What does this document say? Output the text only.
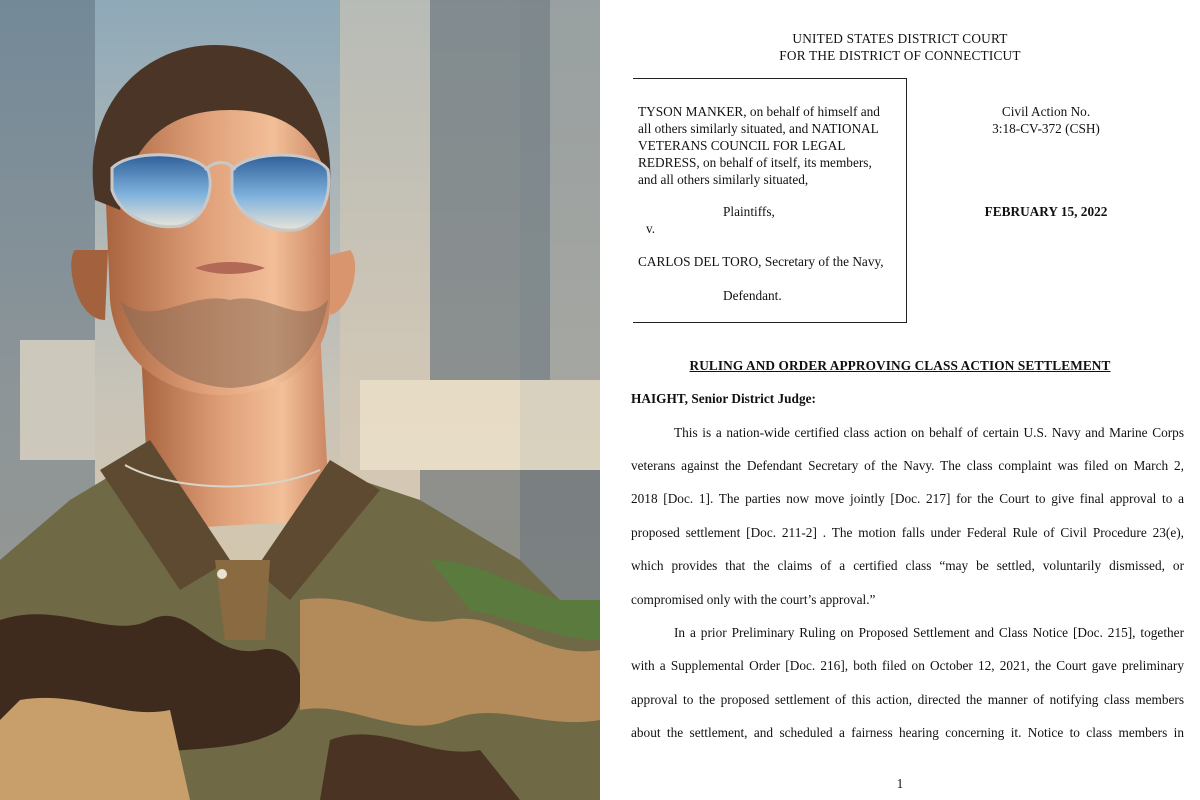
UNITED STATES DISTRICT COURT
FOR THE DISTRICT OF CONNECTICUT
TYSON MANKER, on behalf of himself and
all others similarly situated, and NATIONAL
VETERANS COUNCIL FOR LEGAL
REDRESS, on behalf of itself, its members,
and all others similarly situated,
Plaintiffs,
v.
CARLOS DEL TORO, Secretary of the Navy,
Defendant.
Civil Action No.
3:18-CV-372 (CSH)
FEBRUARY 15, 2022
RULING AND ORDER APPROVING CLASS ACTION SETTLEMENT
HAIGHT, Senior District Judge:
This is a nation-wide certified class action on behalf of certain U.S. Navy and Marine Corps
veterans against the Defendant Secretary of the Navy. The class complaint was filed on March 2,
2018 [Doc. 1]. The parties now move jointly [Doc. 217] for the Court to give final approval to a
proposed settlement [Doc. 211-2] . The motion falls under Federal Rule of Civil Procedure 23(e),
which provides that the claims of a certified class “may be settled, voluntarily dismissed, or
compromised only with the court’s approval.”
In a prior Preliminary Ruling on Proposed Settlement and Class Notice [Doc. 215], together
with a Supplemental Order [Doc. 216], both filed on October 12, 2021, the Court gave preliminary
approval to the proposed settlement of this action, directed the manner of notifying class members
about the settlement, and scheduled a fairness hearing concerning it. Notice to class members in
1
